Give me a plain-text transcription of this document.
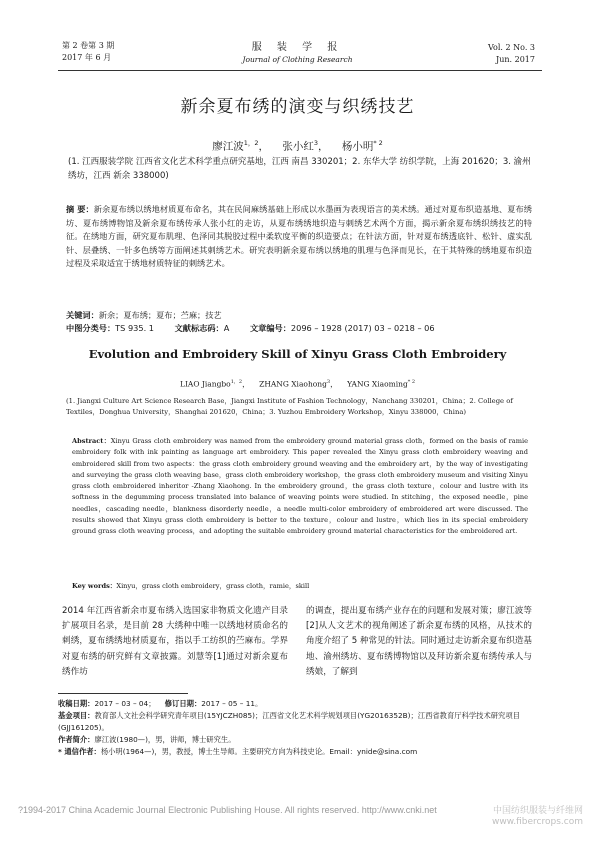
第 2 卷第 3 期
2017 年 6 月
服 装 学 报
Journal of Clothing Research
Vol. 2 No. 3
Jun. 2017
新余夏布绣的演变与织绣技艺
廖江波$^{1,2}$，    张小红$^3$，    杨小明$^{* 2}$
(1. 江西服装学院 江西省文化艺术科学重点研究基地，江西 南昌 330201；2. 东华大学 纺织学院，上海 201620；3. 渝州绣坊，江西 新余 338000)
摘 要：新余夏布绣以绣地材质夏布命名，其在民间麻绣基础上形成以水墨画为表现语言的美术绣。通过对夏布织造基地、夏布绣坊、夏布绣博物馆及新余夏布绣传承人张小红的走访，从夏布绣绣地织造与刺绣艺术两个方面，揭示新余夏布绣织绣技艺的特征。在绣地方面，研究夏布肌理、色泽同其脱胶过程中柔软度平衡的织造要点；在针法方面，针对夏布绣透底针、松针、虚实乱针、层叠绣、一针多色绣等方面阐述其刺绣艺术。研究表明新余夏布绣以绣地的肌理与色泽而见长，在于其特殊的绣地夏布织造过程及采取适宜于绣地材质特征的刺绣艺术。
关键词：新余；夏布绣；夏布；苎麻；技艺
中图分类号：TS 935. 1	文献标志码：A	文章编号：2096 – 1928 (2017) 03 – 0218 – 06
Evolution and Embroidery Skill of Xinyu Grass Cloth Embroidery
LIAO Jiangbo$^{1,2}$，    ZHANG Xiaohong$^3$，    YANG Xiaoming$^{* 2}$
(1. Jiangxi Culture Art Science Research Base，Jiangxi Institute of Fashion Technology，Nanchang 330201，China；2. College of Textiles，Donghua University，Shanghai 201620，China；3. Yuzhou Embroidery Workshop，Xinyu 338000，China)
Abstract：Xinyu Grass cloth embroidery was named from the embroidery ground material grass cloth，formed on the basis of ramie embroidery folk with ink painting as language art embroidery. This paper revealed the Xinyu grass cloth embroidery weaving and embroidered skill from two aspects：the grass cloth embroidery ground weaving and the embroidery art，by the way of investigating and surveying the grass cloth weaving base，grass cloth embroidery workshop，the grass cloth embroidery museum and visiting Xinyu grass cloth embroidered inheritor -Zhang Xiaohong. In the embroidery ground，the grass cloth texture，colour and lustre with its softness in the degumming process translated into balance of weaving points were studied. In stitching，the exposed needle，pine needles，cascading needle，blankness disorderly needle，a needle multi-color embroidery of embroidered art were discussed. The results showed that Xinyu grass cloth embroidery is better to the texture，colour and lustre，which lies in its special embroidery ground grass cloth weaving process，and adopting the suitable embroidery ground material characteristics for the embroidered art.
Key words：Xinyu，grass cloth embroidery，grass cloth，ramie，skill
2014 年江西省新余市夏布绣入选国家非物质文化遗产目录扩展项目名录，是目前 28 大绣种中唯一以绣地材质命名的刺绣，夏布绣绣地材质夏布，指以手工纺织的苎麻布。学界对夏布绣的研究鲜有文章披露。刘慧等[1]通过对新余夏布绣作坊
的调查，提出夏布绣产业存在的问题和发展对策；廖江波等[2]从人文艺术的视角阐述了新余夏布绣的风格，从技术的角度介绍了 5 种常见的针法。同时通过走访新余夏布织造基地、渝州绣坊、夏布绣博物馆以及拜访新余夏布绣传承人与绣娘，了解到
收稿日期：2017 – 03 – 04； 修订日期：2017 – 05 – 11。
基金项目：教育部人文社会科学研究青年项目(15YJCZH085)；江西省文化艺术科学规划项目(YG2016352B)；江西省教育厅科学技术研究项目(GJJ161205)。
作者简介：廖江波(1980—)，男，讲师，博士研究生。
* 通信作者：杨小明(1964—)，男，教授，博士生导师。主要研究方向为科技史论。Email：ynide@sina.com
?1994-2017 China Academic Journal Electronic Publishing House. All rights reserved. http://www.cnki.net	中国纺织服装与纤维网
www.fibercrops.com
